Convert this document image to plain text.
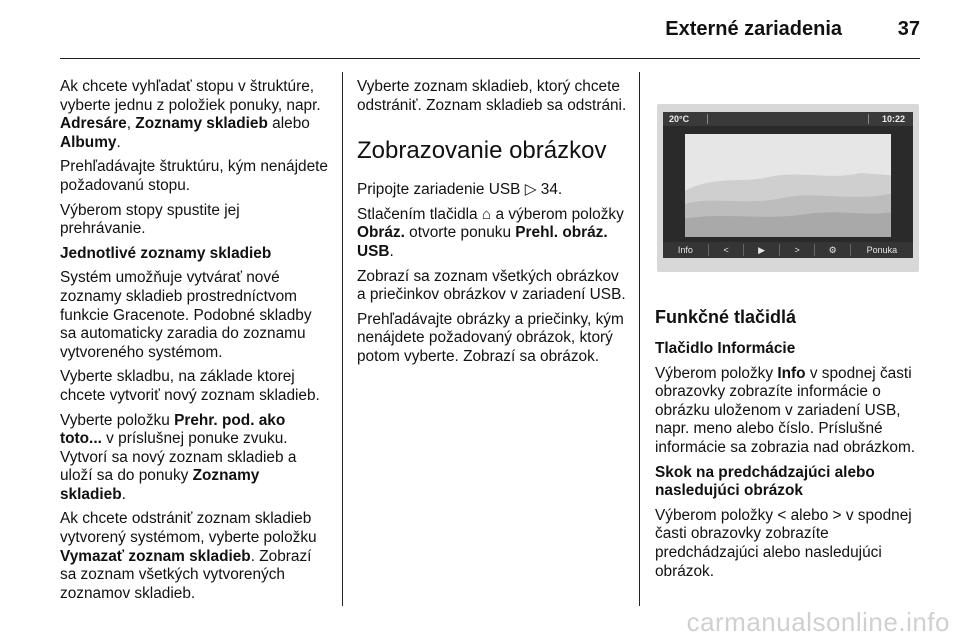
Externé zariadenia	37

Ak chcete vyhľadať stopu v štruktúre, vyberte jednu z položiek ponuky, napr. Adresáre, Zoznamy skladieb alebo Albumy.

Prehľadávajte štruktúru, kým nenájdete požadovanú stopu.

Výberom stopy spustite jej prehrávanie.

Jednotlivé zoznamy skladieb

Systém umožňuje vytvárať nové zoznamy skladieb prostredníctvom funkcie Gracenote. Podobné skladby sa automaticky zaradia do zoznamu vytvoreného systémom.

Vyberte skladbu, na základe ktorej chcete vytvoriť nový zoznam skladieb.

Vyberte položku Prehr. pod. ako toto... v príslušnej ponuke zvuku. Vytvorí sa nový zoznam skladieb a uloží sa do ponuky Zoznamy skladieb.

Ak chcete odstrániť zoznam skladieb vytvorený systémom, vyberte položku Vymazať zoznam skladieb. Zobrazí sa zoznam všetkých vytvorených zoznamov skladieb.

Vyberte zoznam skladieb, ktorý chcete odstrániť. Zoznam skladieb sa odstráni.

Zobrazovanie obrázkov

Pripojte zariadenie USB ▷ 34.

Stlačením tlačidla ⌂ a výberom položky Obráz. otvorte ponuku Prehl. obráz. USB.

Zobrazí sa zoznam všetkých obrázkov a priečinkov obrázkov v zariadení USB.

Prehľadávajte obrázky a priečinky, kým nenájdete požadovaný obrázok, ktorý potom vyberte. Zobrazí sa obrázok.

20°C	10:22
Info	<	▶	>	⚙	Ponuka
Funkčné tlačidlá

Tlačidlo Informácie

Výberom položky Info v spodnej časti obrazovky zobrazíte informácie o obrázku uloženom v zariadení USB, napr. meno alebo číslo. Príslušné informácie sa zobrazia nad obrázkom.

Skok na predchádzajúci alebo nasledujúci obrázok

Výberom položky < alebo > v spodnej časti obrazovky zobrazíte predchádzajúci alebo nasledujúci obrázok.

carmanualsonline.info
